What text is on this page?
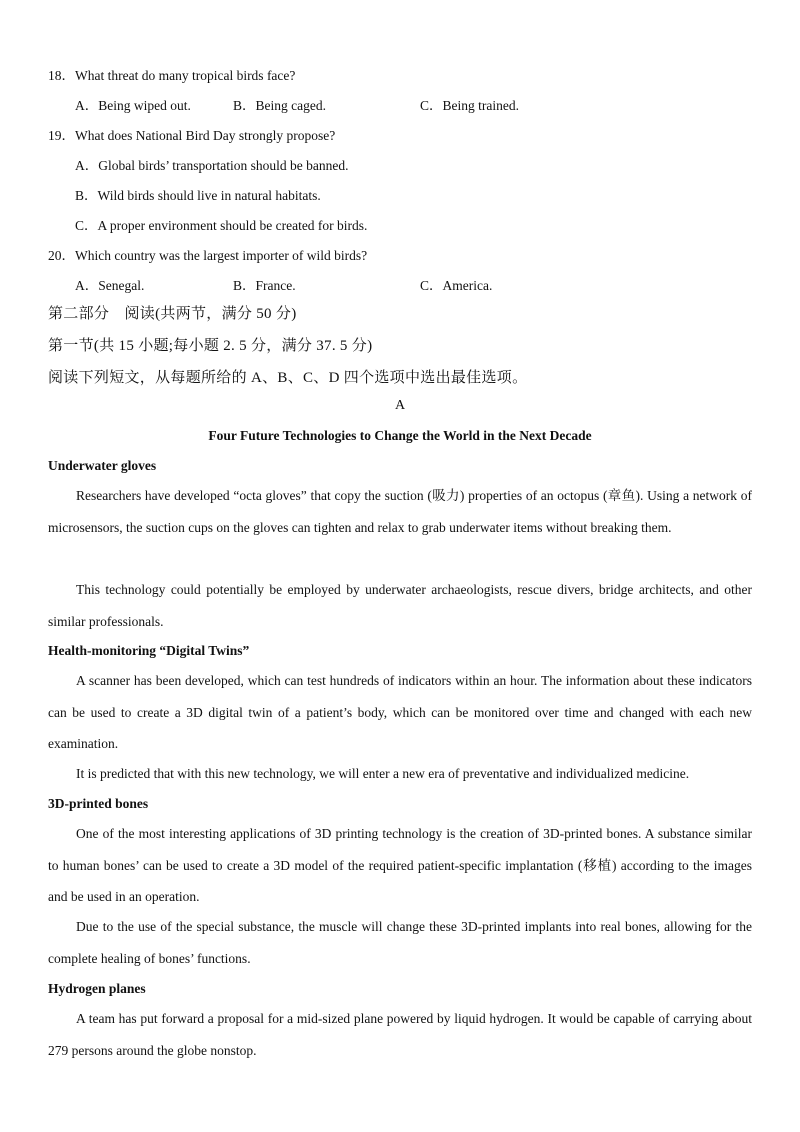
18．What threat do many tropical birds face?
A．Being wiped out.	B．Being caged.	C．Being trained.
19．What does National Bird Day strongly propose?
A．Global birds’ transportation should be banned.
B．Wild birds should live in natural habitats.
C．A proper environment should be created for birds.
20．Which country was the largest importer of wild birds?
A．Senegal.	B．France.	C．America.
第二部分　阅读(共两节，满分 50 分)
第一节(共 15 小题;每小题 2. 5 分，满分 37. 5 分)
阅读下列短文，从每题所给的 A、B、C、D 四个选项中选出最佳选项。
A
Four Future Technologies to Change the World in the Next Decade
Underwater gloves
Researchers have developed “octa gloves” that copy the suction (吸力) properties of an octopus (章鱼). Using a network of microsensors, the suction cups on the gloves can tighten and relax to grab underwater items without breaking them.
This technology could potentially be employed by underwater archaeologists, rescue divers, bridge architects, and other similar professionals.
Health-monitoring “Digital Twins”
A scanner has been developed, which can test hundreds of indicators within an hour. The information about these indicators can be used to create a 3D digital twin of a patient’s body, which can be monitored over time and changed with each new examination.
It is predicted that with this new technology, we will enter a new era of preventative and individualized medicine.
3D-printed bones
One of the most interesting applications of 3D printing technology is the creation of 3D-printed bones. A substance similar to human bones’ can be used to create a 3D model of the required patient-specific implantation (移植) according to the images and be used in an operation.
Due to the use of the special substance, the muscle will change these 3D-printed implants into real bones, allowing for the complete healing of bones’ functions.
Hydrogen planes
A team has put forward a proposal for a mid-sized plane powered by liquid hydrogen. It would be capable of carrying about 279 persons around the globe nonstop.
